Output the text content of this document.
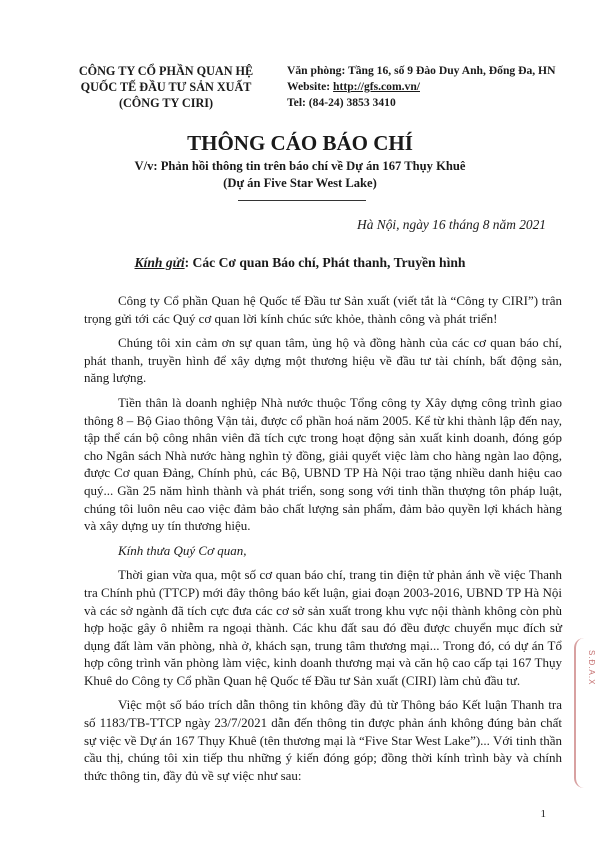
CÔNG TY CỔ PHẦN QUAN HỆ
QUỐC TẾ ĐẦU TƯ SẢN XUẤT
(CÔNG TY CIRI)
Văn phòng: Tầng 16, số 9 Đào Duy Anh, Đống Đa, HN
Website: http://gfs.com.vn/
Tel: (84-24) 3853 3410
THÔNG CÁO BÁO CHÍ
V/v: Phản hồi thông tin trên báo chí về Dự án 167 Thụy Khuê
(Dự án Five Star West Lake)
Hà Nội, ngày 16 tháng 8 năm 2021
Kính gửi: Các Cơ quan Báo chí, Phát thanh, Truyền hình

Công ty Cổ phần Quan hệ Quốc tế Đầu tư Sản xuất (viết tắt là “Công ty CIRI”) trân trọng gửi tới các Quý cơ quan lời kính chúc sức khỏe, thành công và phát triển!

Chúng tôi xin cảm ơn sự quan tâm, ủng hộ và đồng hành của các cơ quan báo chí, phát thanh, truyền hình để xây dựng một thương hiệu về đầu tư tài chính, bất động sản, năng lượng.

Tiền thân là doanh nghiệp Nhà nước thuộc Tổng công ty Xây dựng công trình giao thông 8 – Bộ Giao thông Vận tải, được cổ phần hoá năm 2005. Kể từ khi thành lập đến nay, tập thể cán bộ công nhân viên đã tích cực trong hoạt động sản xuất kinh doanh, đóng góp cho Ngân sách Nhà nước hàng nghìn tỷ đồng, giải quyết việc làm cho hàng ngàn lao động, được Cơ quan Đảng, Chính phủ, các Bộ, UBND TP Hà Nội trao tặng nhiều danh hiệu cao quý... Gần 25 năm hình thành và phát triển, song song với tinh thần thượng tôn pháp luật, chúng tôi luôn nêu cao việc đảm bảo chất lượng sản phẩm, đảm bảo quyền lợi khách hàng và xây dựng uy tín thương hiệu.

Kính thưa Quý Cơ quan,

Thời gian vừa qua, một số cơ quan báo chí, trang tin điện tử phản ánh về việc Thanh tra Chính phủ (TTCP) mới đây thông báo kết luận, giai đoạn 2003-2016, UBND TP Hà Nội và các sở ngành đã tích cực đưa các cơ sở sản xuất trong khu vực nội thành không còn phù hợp hoặc gây ô nhiễm ra ngoại thành. Các khu đất sau đó đều được chuyển mục đích sử dụng đất làm văn phòng, nhà ở, khách sạn, trung tâm thương mại... Trong đó, có dự án Tổ hợp công trình văn phòng làm việc, kinh doanh thương mại và căn hộ cao cấp tại 167 Thụy Khuê do Công ty Cổ phần Quan hệ Quốc tế Đầu tư Sản xuất (CIRI) làm chủ đầu tư.

Việc một số báo trích dẫn thông tin không đầy đủ từ Thông báo Kết luận Thanh tra số 1183/TB-TTCP ngày 23/7/2021 dẫn đến thông tin được phản ánh không đúng bản chất sự việc về Dự án 167 Thụy Khuê (tên thương mại là “Five Star West Lake”)... Với tinh thần cầu thị, chúng tôi xin tiếp thu những ý kiến đóng góp; đồng thời kính trình bày và chính thức thông tin, đầy đủ về sự việc như sau:

S.Đ.A.X
1
